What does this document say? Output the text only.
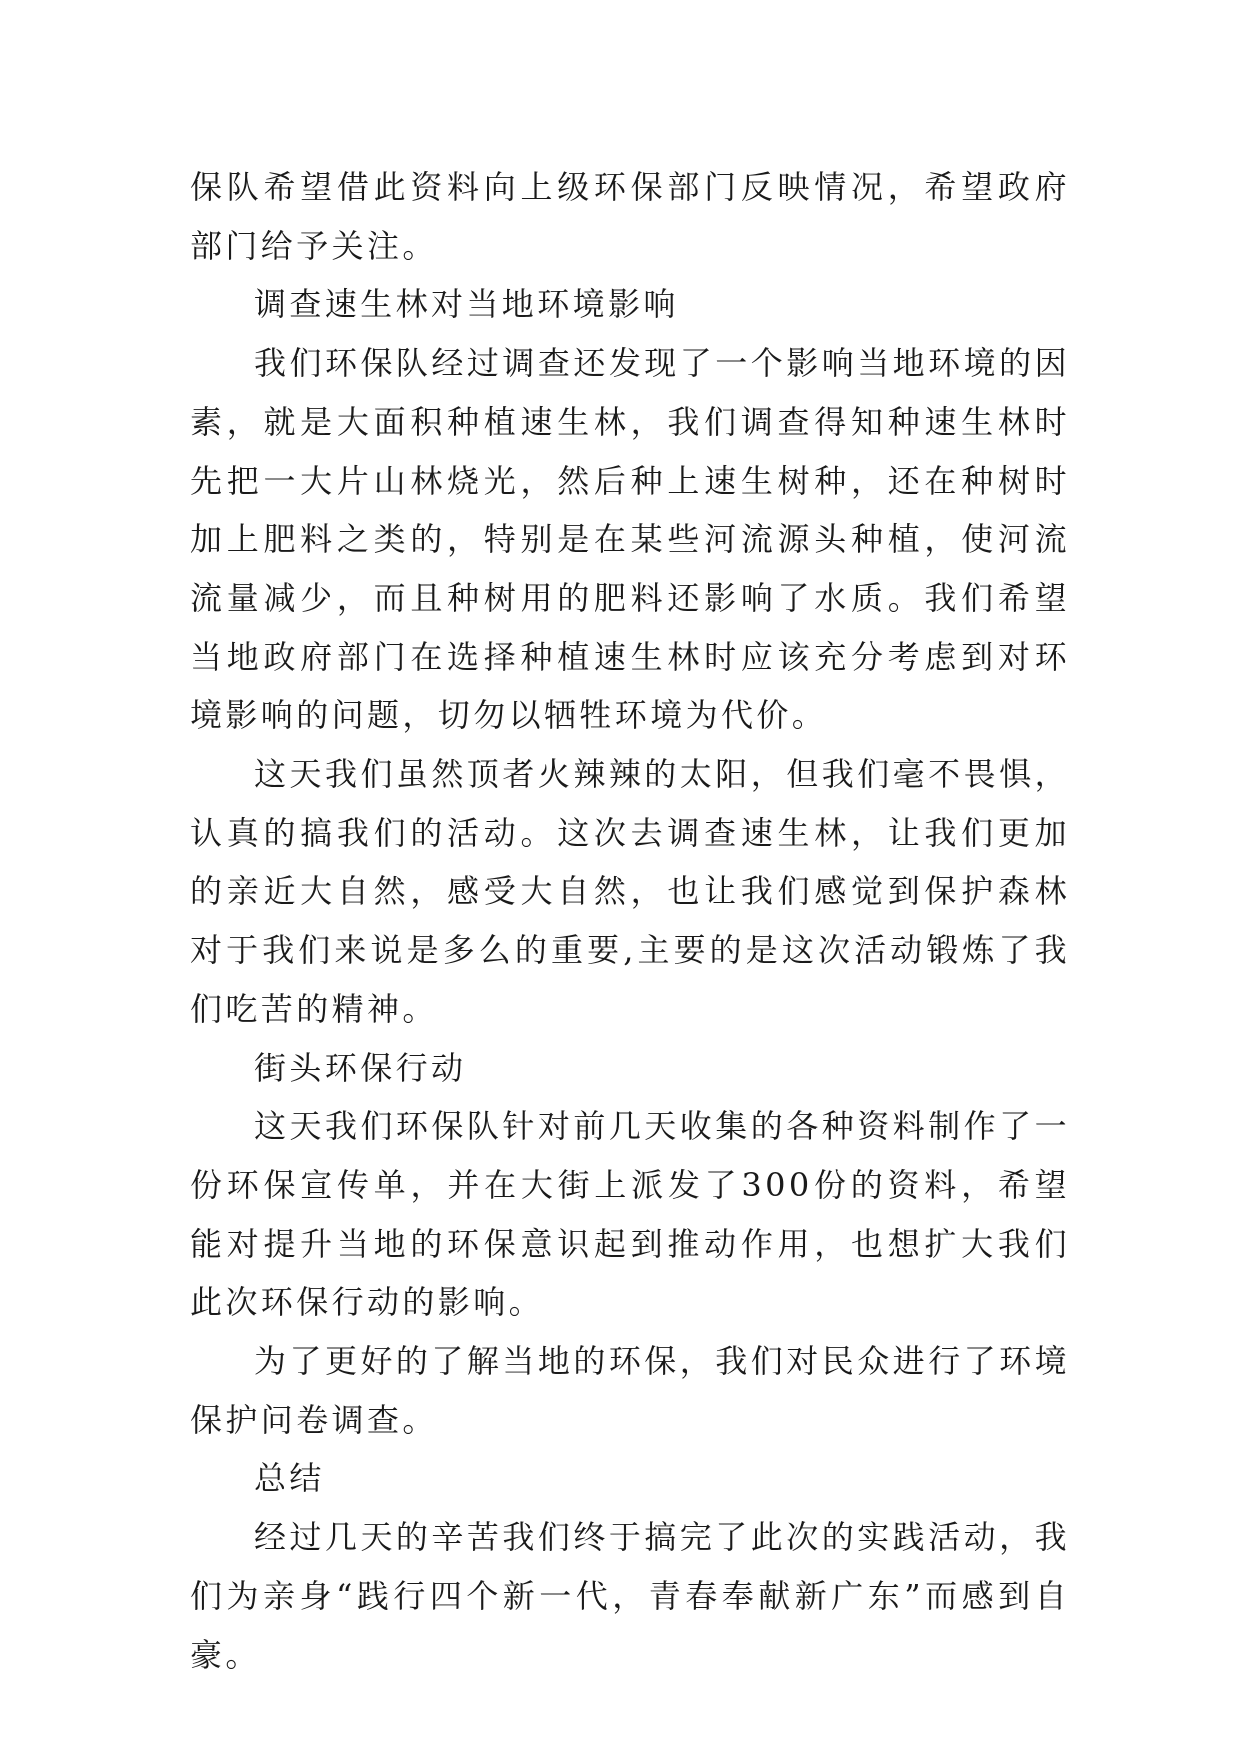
保队希望借此资料向上级环保部门反映情况，希望政府部门给予关注。

调查速生林对当地环境影响

我们环保队经过调查还发现了一个影响当地环境的因素，就是大面积种植速生林，我们调查得知种速生林时先把一大片山林烧光，然后种上速生树种，还在种树时加上肥料之类的，特别是在某些河流源头种植，使河流流量减少，而且种树用的肥料还影响了水质。我们希望当地政府部门在选择种植速生林时应该充分考虑到对环境影响的问题，切勿以牺牲环境为代价。

这天我们虽然顶者火辣辣的太阳，但我们毫不畏惧，认真的搞我们的活动。这次去调查速生林，让我们更加的亲近大自然，感受大自然，也让我们感觉到保护森林对于我们来说是多么的重要,主要的是这次活动锻炼了我们吃苦的精神。

街头环保行动

这天我们环保队针对前几天收集的各种资料制作了一份环保宣传单，并在大街上派发了300份的资料，希望能对提升当地的环保意识起到推动作用，也想扩大我们此次环保行动的影响。

为了更好的了解当地的环保，我们对民众进行了环境保护问卷调查。

总结

经过几天的辛苦我们终于搞完了此次的实践活动，我们为亲身“践行四个新一代，青春奉献新广东”而感到自豪。
